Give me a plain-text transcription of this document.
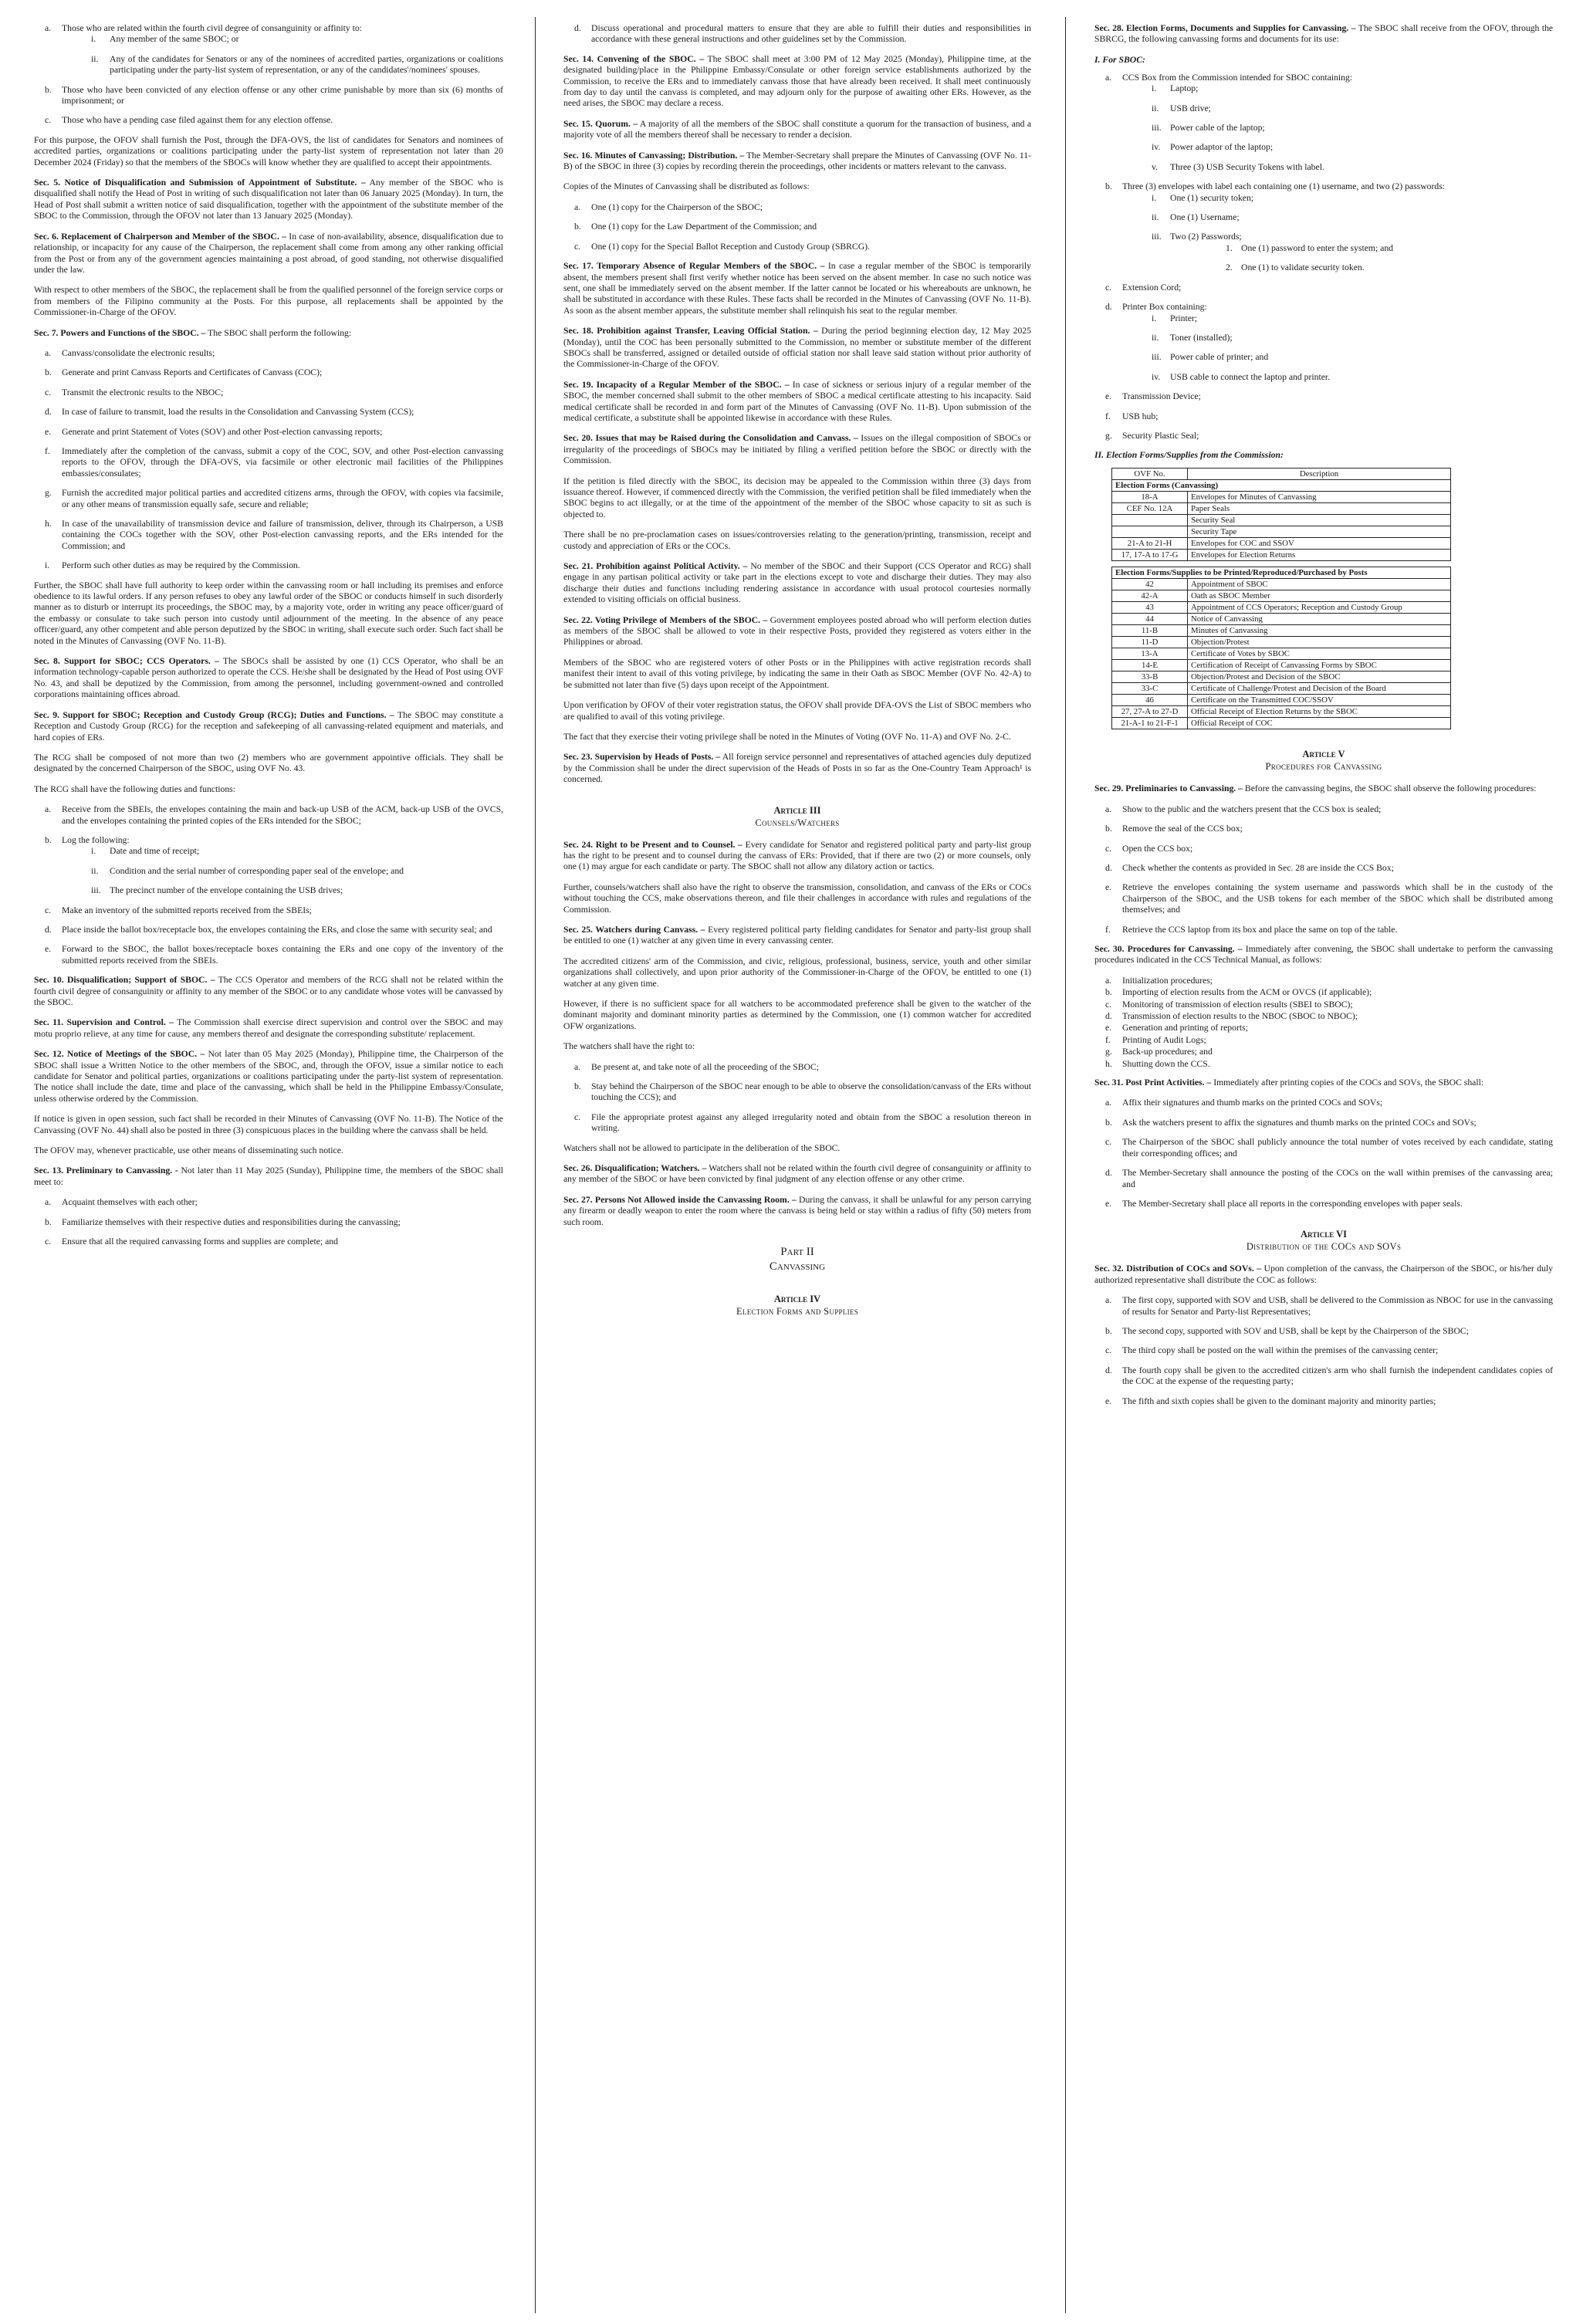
a. Those who are related within the fourth civil degree of consanguinity or affinity to:
i. Any member of the same SBOC; or
ii. Any of the candidates for Senators or any of the nominees of accredited parties, organizations or coalitions participating under the party-list system of representation, or any of the candidates'/nominees' spouses.
b. Those who have been convicted of any election offense or any other crime punishable by more than six (6) months of imprisonment; or
c. Those who have a pending case filed against them for any election offense.

For this purpose, the OFOV shall furnish the Post, through the DFA-OVS, the list of candidates for Senators and nominees of accredited parties, organizations or coalitions participating under the party-list system of representation not later than 20 December 2024 (Friday) so that the members of the SBOCs will know whether they are qualified to accept their appointments.

Sec. 5. Notice of Disqualification and Submission of Appointment of Substitute. – Any member of the SBOC who is disqualified shall notify the Head of Post in writing of such disqualification not later than 06 January 2025 (Monday). In turn, the Head of Post shall submit a written notice of said disqualification, together with the appointment of the substitute member of the SBOC to the Commission, through the OFOV not later than 13 January 2025 (Monday).

Sec. 6. Replacement of Chairperson and Member of the SBOC. – In case of non-availability, absence, disqualification due to relationship, or incapacity for any cause of the Chairperson, the replacement shall come from among any other ranking official from the Post or from any of the government agencies maintaining a post abroad, of good standing, not otherwise disqualified under the law.

With respect to other members of the SBOC, the replacement shall be from the qualified personnel of the foreign service corps or from members of the Filipino community at the Posts. For this purpose, all replacements shall be appointed by the Commissioner-in-Charge of the OFOV.

Sec. 7. Powers and Functions of the SBOC. – The SBOC shall perform the following:

a. Canvass/consolidate the electronic results;
b. Generate and print Canvass Reports and Certificates of Canvass (COC);
c. Transmit the electronic results to the NBOC;
d. In case of failure to transmit, load the results in the Consolidation and Canvassing System (CCS);
e. Generate and print Statement of Votes (SOV) and other Post-election canvassing reports;
f. Immediately after the completion of the canvass, submit a copy of the COC, SOV, and other Post-election canvassing reports to the OFOV, through the DFA-OVS, via facsimile or other electronic mail facilities of the Philippines embassies/consulates;
g. Furnish the accredited major political parties and accredited citizens arms, through the OFOV, with copies via facsimile, or any other means of transmission equally safe, secure and reliable;
h. In case of the unavailability of transmission device and failure of transmission, deliver, through its Chairperson, a USB containing the COCs together with the SOV, other Post-election canvassing reports, and the ERs intended for the Commission; and
i. Perform such other duties as may be required by the Commission.

Further, the SBOC shall have full authority to keep order within the canvassing room or hall including its premises and enforce obedience to its lawful orders. If any person refuses to obey any lawful order of the SBOC or conducts himself in such disorderly manner as to disturb or interrupt its proceedings, the SBOC may, by a majority vote, order in writing any peace officer/guard of the embassy or consulate to take such person into custody until adjournment of the meeting. In the absence of any peace officer/guard, any other competent and able person deputized by the SBOC in writing, shall execute such order. Such fact shall be noted in the Minutes of Canvassing (OVF No. 11-B).

Sec. 8. Support for SBOC; CCS Operators. – The SBOCs shall be assisted by one (1) CCS Operator, who shall be an information technology-capable person authorized to operate the CCS. He/she shall be designated by the Head of Post using OVF No. 43, and shall be deputized by the Commission, from among the personnel, including government-owned and controlled corporations maintaining offices abroad.

Sec. 9. Support for SBOC; Reception and Custody Group (RCG); Duties and Functions. – The SBOC may constitute a Reception and Custody Group (RCG) for the reception and safekeeping of all canvassing-related equipment and materials, and hard copies of ERs.

The RCG shall be composed of not more than two (2) members who are government appointive officials. They shall be designated by the concerned Chairperson of the SBOC, using OVF No. 43.

The RCG shall have the following duties and functions:

a. Receive from the SBEIs, the envelopes containing the main and back-up USB of the ACM, back-up USB of the OVCS, and the envelopes containing the printed copies of the ERs intended for the SBOC;
b. Log the following:
i. Date and time of receipt;
ii. Condition and the serial number of corresponding paper seal of the envelope; and
iii. The precinct number of the envelope containing the USB drives;
c. Make an inventory of the submitted reports received from the SBEIs;
d. Place inside the ballot box/receptacle box, the envelopes containing the ERs, and close the same with security seal; and
e. Forward to the SBOC, the ballot boxes/receptacle boxes containing the ERs and one copy of the inventory of the submitted reports received from the SBEIs.

Sec. 10. Disqualification; Support of SBOC. – The CCS Operator and members of the RCG shall not be related within the fourth civil degree of consanguinity or affinity to any member of the SBOC or to any candidate whose votes will be canvassed by the SBOC.

Sec. 11. Supervision and Control. – The Commission shall exercise direct supervision and control over the SBOC and may motu proprio relieve, at any time for cause, any members thereof and designate the corresponding substitute/ replacement.

Sec. 12. Notice of Meetings of the SBOC. – Not later than 05 May 2025 (Monday), Philippine time, the Chairperson of the SBOC shall issue a Written Notice to the other members of the SBOC, and, through the OFOV, issue a similar notice to each candidate for Senator and political parties, organizations or coalitions participating under the party-list system of representation. The notice shall include the date, time and place of the canvassing, which shall be held in the Philippine Embassy/Consulate, unless otherwise ordered by the Commission.

If notice is given in open session, such fact shall be recorded in their Minutes of Canvassing (OVF No. 11-B). The Notice of the Canvassing (OVF No. 44) shall also be posted in three (3) conspicuous places in the building where the canvass shall be held.

The OFOV may, whenever practicable, use other means of disseminating such notice.

Sec. 13. Preliminary to Canvassing. - Not later than 11 May 2025 (Sunday), Philippine time, the members of the SBOC shall meet to:

a. Acquaint themselves with each other;
b. Familiarize themselves with their respective duties and responsibilities during the canvassing;
c. Ensure that all the required canvassing forms and supplies are complete; and
d. Discuss operational and procedural matters to ensure that they are able to fulfill their duties and responsibilities in accordance with these general instructions and other guidelines set by the Commission.

Sec. 14. Convening of the SBOC. – The SBOC shall meet at 3:00 PM of 12 May 2025 (Monday), Philippine time, at the designated building/place in the Philippine Embassy/Consulate or other foreign service establishments authorized by the Commission, to receive the ERs and to immediately canvass those that have already been received. It shall meet continuously from day to day until the canvass is completed, and may adjourn only for the purpose of awaiting other ERs. However, as the need arises, the SBOC may declare a recess.

Sec. 15. Quorum. – A majority of all the members of the SBOC shall constitute a quorum for the transaction of business, and a majority vote of all the members thereof shall be necessary to render a decision.

Sec. 16. Minutes of Canvassing; Distribution. – The Member-Secretary shall prepare the Minutes of Canvassing (OVF No. 11-B) of the SBOC in three (3) copies by recording therein the proceedings, other incidents or matters relevant to the canvass.

Copies of the Minutes of Canvassing shall be distributed as follows:

a. One (1) copy for the Chairperson of the SBOC;
b. One (1) copy for the Law Department of the Commission; and
c. One (1) copy for the Special Ballot Reception and Custody Group (SBRCG).

Sec. 17. Temporary Absence of Regular Members of the SBOC. – In case a regular member of the SBOC is temporarily absent, the members present shall first verify whether notice has been served on the absent member. In case no such notice was sent, one shall be immediately served on the absent member. If the latter cannot be located or his whereabouts are unknown, he shall be substituted in accordance with these Rules. These facts shall be recorded in the Minutes of Canvassing (OVF No. 11-B). As soon as the absent member appears, the substitute member shall relinquish his seat to the regular member.

Sec. 18. Prohibition against Transfer, Leaving Official Station. – During the period beginning election day, 12 May 2025 (Monday), until the COC has been personally submitted to the Commission, no member or substitute member of the different SBOCs shall be transferred, assigned or detailed outside of official station nor shall leave said station without prior authority of the Commissioner-in-Charge of the OFOV.

Sec. 19. Incapacity of a Regular Member of the SBOC. – In case of sickness or serious injury of a regular member of the SBOC, the member concerned shall submit to the other members of SBOC a medical certificate attesting to his incapacity. Said medical certificate shall be recorded in and form part of the Minutes of Canvassing (OVF No. 11-B). Upon submission of the medical certificate, a substitute shall be appointed likewise in accordance with these Rules.

Sec. 20. Issues that may be Raised during the Consolidation and Canvass. – Issues on the illegal composition of SBOCs or irregularity of the proceedings of SBOCs may be initiated by filing a verified petition before the SBOC or directly with the Commission.

If the petition is filed directly with the SBOC, its decision may be appealed to the Commission within three (3) days from issuance thereof. However, if commenced directly with the Commission, the verified petition shall be filed immediately when the SBOC begins to act illegally, or at the time of the appointment of the member of the SBOC whose capacity to sit as such is objected to.

There shall be no pre-proclamation cases on issues/controversies relating to the generation/printing, transmission, receipt and custody and appreciation of ERs or the COCs.

Sec. 21. Prohibition against Political Activity. – No member of the SBOC and their Support (CCS Operator and RCG) shall engage in any partisan political activity or take part in the elections except to vote and discharge their duties. They may also discharge their duties and functions including rendering assistance in accordance with usual protocol courtesies normally extended to visiting officials on official business.

Sec. 22. Voting Privilege of Members of the SBOC. – Government employees posted abroad who will perform election duties as members of the SBOC shall be allowed to vote in their respective Posts, provided they registered as voters either in the Philippines or abroad.

Members of the SBOC who are registered voters of other Posts or in the Philippines with active registration records shall manifest their intent to avail of this voting privilege, by indicating the same in their Oath as SBOC Member (OVF No. 42-A) to be submitted not later than five (5) days upon receipt of the Appointment.

Upon verification by OFOV of their voter registration status, the OFOV shall provide DFA-OVS the List of SBOC members who are qualified to avail of this voting privilege.

The fact that they exercise their voting privilege shall be noted in the Minutes of Voting (OVF No. 11-A) and OVF No. 2-C.

Sec. 23. Supervision by Heads of Posts. – All foreign service personnel and representatives of attached agencies duly deputized by the Commission shall be under the direct supervision of the Heads of Posts in so far as the One-Country Team Approach¹ is concerned.

Article III
Counsels/Watchers

Sec. 24. Right to be Present and to Counsel. – Every candidate for Senator and registered political party and party-list group has the right to be present and to counsel during the canvass of ERs: Provided, that if there are two (2) or more counsels, only one (1) may argue for each candidate or party. The SBOC shall not allow any dilatory action or tactics.

Further, counsels/watchers shall also have the right to observe the transmission, consolidation, and canvass of the ERs or COCs without touching the CCS, make observations thereon, and file their challenges in accordance with rules and regulations of the Commission.

Sec. 25. Watchers during Canvass. – Every registered political party fielding candidates for Senator and party-list group shall be entitled to one (1) watcher at any given time in every canvassing center.

The accredited citizens' arm of the Commission, and civic, religious, professional, business, service, youth and other similar organizations shall collectively, and upon prior authority of the Commissioner-in-Charge of the OFOV, be entitled to one (1) watcher at any given time.

However, if there is no sufficient space for all watchers to be accommodated preference shall be given to the watcher of the dominant majority and dominant minority parties as determined by the Commission, one (1) common watcher for accredited OFW organizations.

The watchers shall have the right to:

a. Be present at, and take note of all the proceeding of the SBOC;
b. Stay behind the Chairperson of the SBOC near enough to be able to observe the consolidation/canvass of the ERs without touching the CCS); and
c. File the appropriate protest against any alleged irregularity noted and obtain from the SBOC a resolution thereon in writing.

Watchers shall not be allowed to participate in the deliberation of the SBOC.

Sec. 26. Disqualification; Watchers. – Watchers shall not be related within the fourth civil degree of consanguinity or affinity to any member of the SBOC or have been convicted by final judgment of any election offense or any other crime.

Sec. 27. Persons Not Allowed inside the Canvassing Room. – During the canvass, it shall be unlawful for any person carrying any firearm or deadly weapon to enter the room where the canvass is being held or stay within a radius of fifty (50) meters from such room.

Part II
Canvassing
Article IV
Election Forms and Supplies

Sec. 28. Election Forms, Documents and Supplies for Canvassing. – The SBOC shall receive from the OFOV, through the SBRCG, the following canvassing forms and documents for its use:

I. For SBOC:
a. CCS Box from the Commission intended for SBOC containing:
i. Laptop;
ii. USB drive;
iii. Power cable of the laptop;
iv. Power adaptor of the laptop;
v. Three (3) USB Security Tokens with label.
b. Three (3) envelopes with label each containing one (1) username, and two (2) passwords:
i. One (1) security token;
ii. One (1) Username;
iii. Two (2) Passwords;
1. One (1) password to enter the system; and
2. One (1) to validate security token.
c. Extension Cord;
d. Printer Box containing:
i. Printer;
ii. Toner (installed);
iii. Power cable of printer; and
iv. USB cable to connect the laptop and printer.
e. Transmission Device;
f. USB hub;
g. Security Plastic Seal;
II. Election Forms/Supplies from the Commission:
OVF No.	Description
Election Forms (Canvassing)	
18-A	Envelopes for Minutes of Canvassing
CEF No. 12A	Paper Seals
	Security Seal
	Security Tape
21-A to 21-H	Envelopes for COC and SSOV
17, 17-A to 17-G	Envelopes for Election Returns

Election Forms/Supplies to be Printed/Reproduced/Purchased by Posts	
42	Appointment of SBOC
42-A	Oath as SBOC Member
43	Appointment of CCS Operators; Reception and Custody Group
44	Notice of Canvassing
11-B	Minutes of Canvassing
11-D	Objection/Protest
13-A	Certificate of Votes by SBOC
14-E	Certification of Receipt of Canvassing Forms by SBOC
33-B	Objection/Protest and Decision of the SBOC
33-C	Certificate of Challenge/Protest and Decision of the Board
46	Certificate on the Transmitted COC/SSOV
27, 27-A to 27-D	Official Receipt of Election Returns by the SBOC
21-A-1 to 21-F-1	Official Receipt of COC
Article V
Procedures for Canvassing

Sec. 29. Preliminaries to Canvassing. – Before the canvassing begins, the SBOC shall observe the following procedures:

a. Show to the public and the watchers present that the CCS box is sealed;
b. Remove the seal of the CCS box;
c. Open the CCS box;
d. Check whether the contents as provided in Sec. 28 are inside the CCS Box;
e. Retrieve the envelopes containing the system username and passwords which shall be in the custody of the Chairperson of the SBOC, and the USB tokens for each member of the SBOC which shall be distributed among themselves; and
f. Retrieve the CCS laptop from its box and place the same on top of the table.

Sec. 30. Procedures for Canvassing. – Immediately after convening, the SBOC shall undertake to perform the canvassing procedures indicated in the CCS Technical Manual, as follows:

a. Initialization procedures;
b. Importing of election results from the ACM or OVCS (if applicable);
c. Monitoring of transmission of election results (SBEI to SBOC);
d. Transmission of election results to the NBOC (SBOC to NBOC);
e. Generation and printing of reports;
f. Printing of Audit Logs;
g. Back-up procedures; and
h. Shutting down the CCS.

Sec. 31. Post Print Activities. – Immediately after printing copies of the COCs and SOVs, the SBOC shall:

a. Affix their signatures and thumb marks on the printed COCs and SOVs;
b. Ask the watchers present to affix the signatures and thumb marks on the printed COCs and SOVs;
c. The Chairperson of the SBOC shall publicly announce the total number of votes received by each candidate, stating their corresponding offices; and
d. The Member-Secretary shall announce the posting of the COCs on the wall within premises of the canvassing area; and
e. The Member-Secretary shall place all reports in the corresponding envelopes with paper seals.
Article VI
Distribution of the COCs and SOVs

Sec. 32. Distribution of COCs and SOVs. – Upon completion of the canvass, the Chairperson of the SBOC, or his/her duly authorized representative shall distribute the COC as follows:

a. The first copy, supported with SOV and USB, shall be delivered to the Commission as NBOC for use in the canvassing of results for Senator and Party-list Representatives;
b. The second copy, supported with SOV and USB, shall be kept by the Chairperson of the SBOC;
c. The third copy shall be posted on the wall within the premises of the canvassing center;
d. The fourth copy shall be given to the accredited citizen's arm who shall furnish the independent candidates copies of the COC at the expense of the requesting party;
e. The fifth and sixth copies shall be given to the dominant majority and minority parties;
